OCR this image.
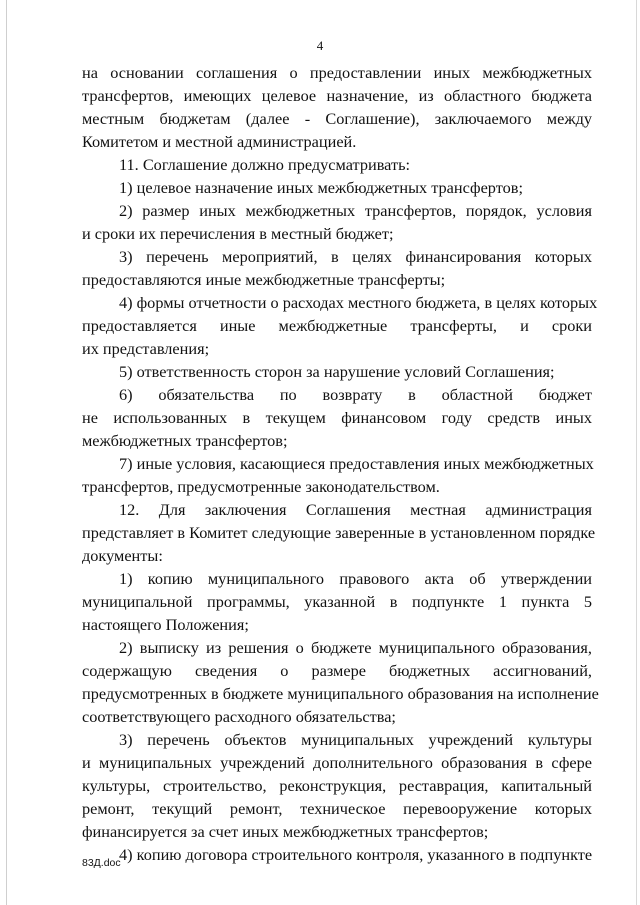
4
на основании соглашения о предоставлении иных межбюджетных
трансфертов, имеющих целевое назначение, из областного бюджета
местным бюджетам (далее - Соглашение), заключаемого между
Комитетом и местной администрацией.
11. Соглашение должно предусматривать:
1) целевое назначение иных межбюджетных трансфертов;
2) размер иных межбюджетных трансфертов, порядок, условия
и сроки их перечисления в местный бюджет;
3) перечень мероприятий, в целях финансирования которых
предоставляются иные межбюджетные трансферты;
4) формы отчетности о расходах местного бюджета, в целях которых
предоставляется иные межбюджетные трансферты, и сроки
их представления;
5) ответственность сторон за нарушение условий Соглашения;
6) обязательства по возврату в областной бюджет
не использованных в текущем финансовом году средств иных
межбюджетных трансфертов;
7) иные условия, касающиеся предоставления иных межбюджетных
трансфертов, предусмотренные законодательством.
12. Для заключения Соглашения местная администрация
представляет в Комитет следующие заверенные в установленном порядке
документы:
1) копию муниципального правового акта об утверждении
муниципальной программы, указанной в подпункте 1 пункта 5
настоящего Положения;
2) выписку из решения о бюджете муниципального образования,
содержащую сведения о размере бюджетных ассигнований,
предусмотренных в бюджете муниципального образования на исполнение
соответствующего расходного обязательства;
3) перечень объектов муниципальных учреждений культуры
и муниципальных учреждений дополнительного образования в сфере
культуры, строительство, реконструкция, реставрация, капитальный
ремонт, текущий ремонт, техническое перевооружение которых
финансируется за счет иных межбюджетных трансфертов;
4) копию договора строительного контроля, указанного в подпункте
83Д.doc
